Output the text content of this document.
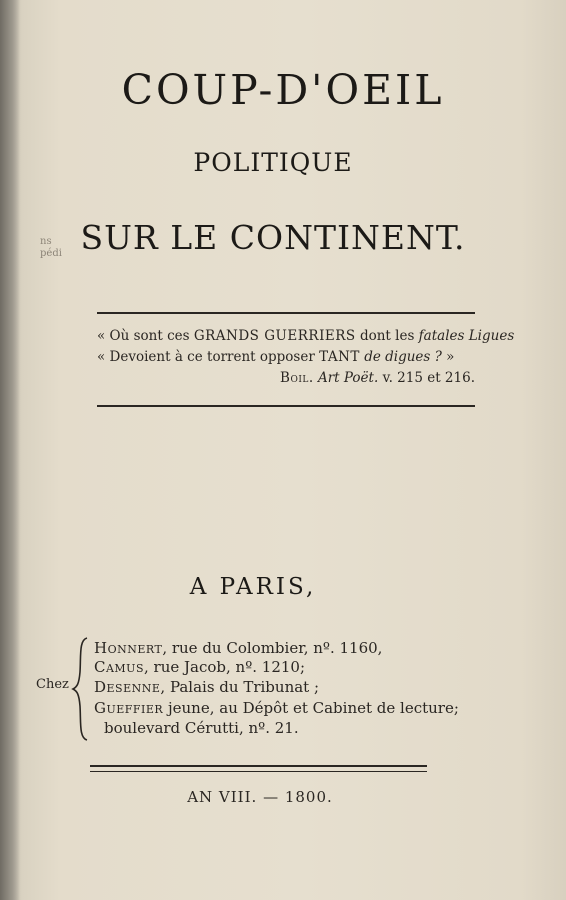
ns
pédi
COUP-D'OEIL
POLITIQUE
SUR LE CONTINENT.
« Où sont ces GRANDS GUERRIERS dont les fatales Ligues
« Devoient à ce torrent opposer TANT de digues ? »
Boil. Art Poët. v. 215 et 216.
A PARIS,
Chez
Honnert, rue du Colombier, nº. 1160,
Camus, rue Jacob, nº. 1210;
Desenne, Palais du Tribunat ;
Gueffier jeune, au Dépôt et Cabinet de lecture;
boulevard Cérutti, nº. 21.
AN VIII. — 1800.
